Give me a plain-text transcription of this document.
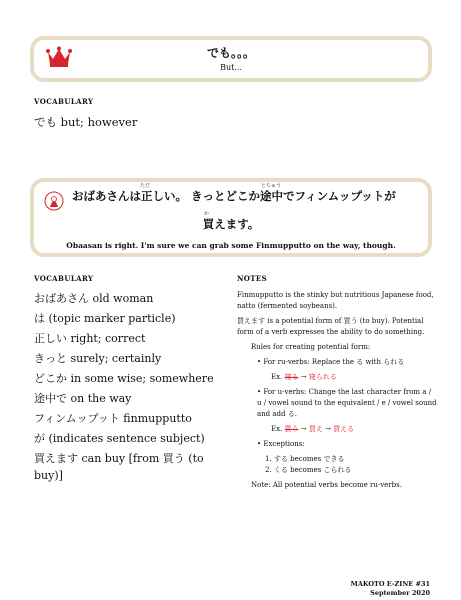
でも。。。
But...
VOCABULARY
でも but; however
ただ	とちゅう
おばあさんは正しい。 きっとどこか途中でフィンムップットが
か
買えます。
Obaasan is right. I'm sure we can grab some Finmupputto on the way, though.
VOCABULARY
おばあさん old woman
は (topic marker particle)
正しい right; correct
きっと surely; certainly
どこか in some wise; somewhere
途中で on the way
フィンムップット finmupputto
が (indicates sentence subject)
買えます can buy [from 買う (to buy)]
NOTES

Finmupputto is the stinky but nutritious Japanese food, natto (fermented soybeans).

買えます is a potential form of 買う (to buy). Potential form of a verb expresses the ability to do something.

Rules for creating potential form:

• For ru-verbs: Replace the る with られる

Ex. 寝る → 寝られる

• For u-verbs: Change the last character from a / u / vowel sound to the equivalent / e / vowel sound and add る.

Ex. 買う → 買え → 買える

• Exceptions:

1. する becomes できる

2. くる becomes こられる

Note: All potential verbs become ru-verbs.

MAKOTO E-ZINE #31
September 2020
